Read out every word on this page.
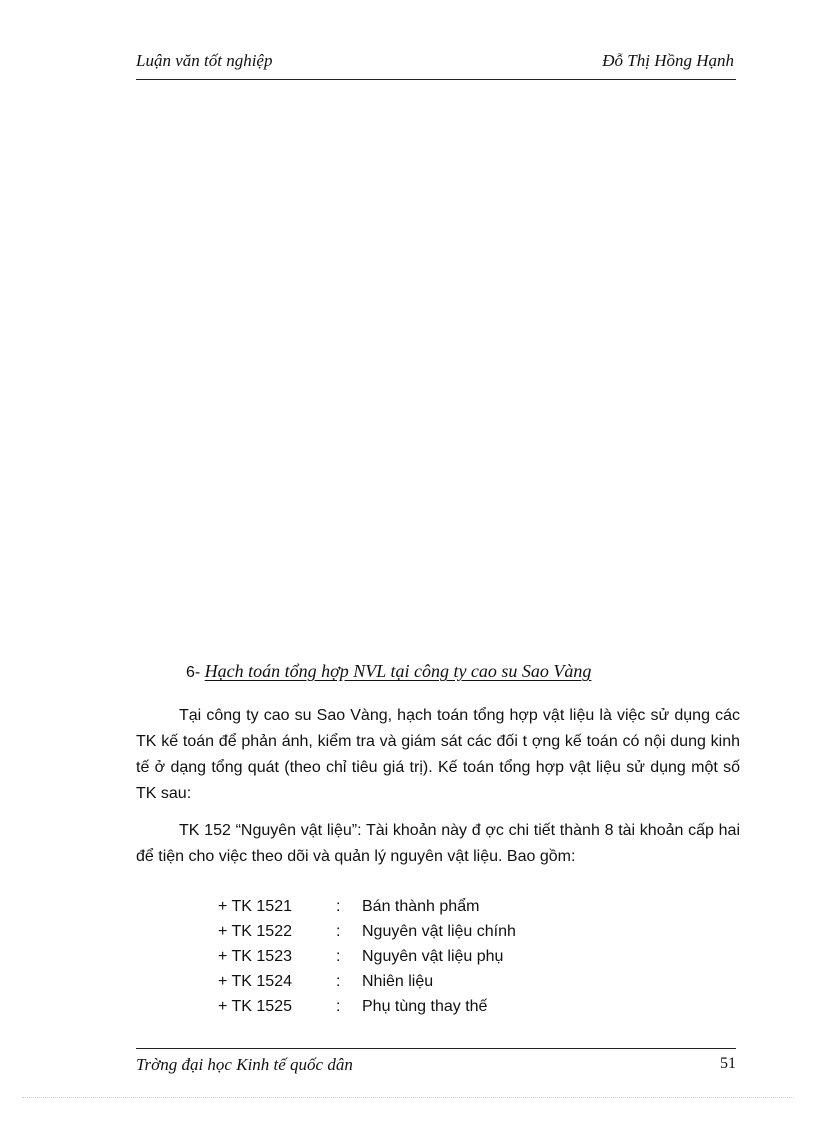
Luận văn tốt nghiệp	Đỗ Thị Hồng Hạnh
6- Hạch toán tổng hợp NVL tại công ty cao su Sao Vàng

Tại công ty cao su Sao Vàng, hạch toán tổng hợp vật liệu là việc sử dụng các TK kế toán để phản ánh, kiểm tra và giám sát các đối t ợng kế toán có nội dung kinh tế ở dạng tổng quát (theo chỉ tiêu giá trị). Kế toán tổng hợp vật liệu sử dụng một số TK sau:

TK 152 “Nguyên vật liệu”: Tài khoản này đ ợc chi tiết thành 8 tài khoản cấp hai để tiện cho việc theo dõi và quản lý nguyên vật liệu. Bao gồm:

+ TK 1521	:	Bán thành phẩm
+ TK 1522	:	Nguyên vật liệu chính
+ TK 1523	:	Nguyên vật liệu phụ
+ TK 1524	:	Nhiên liệu
+ TK 1525	:	Phụ tùng thay thế
Trờng đại học Kinh tế quốc dân	51
